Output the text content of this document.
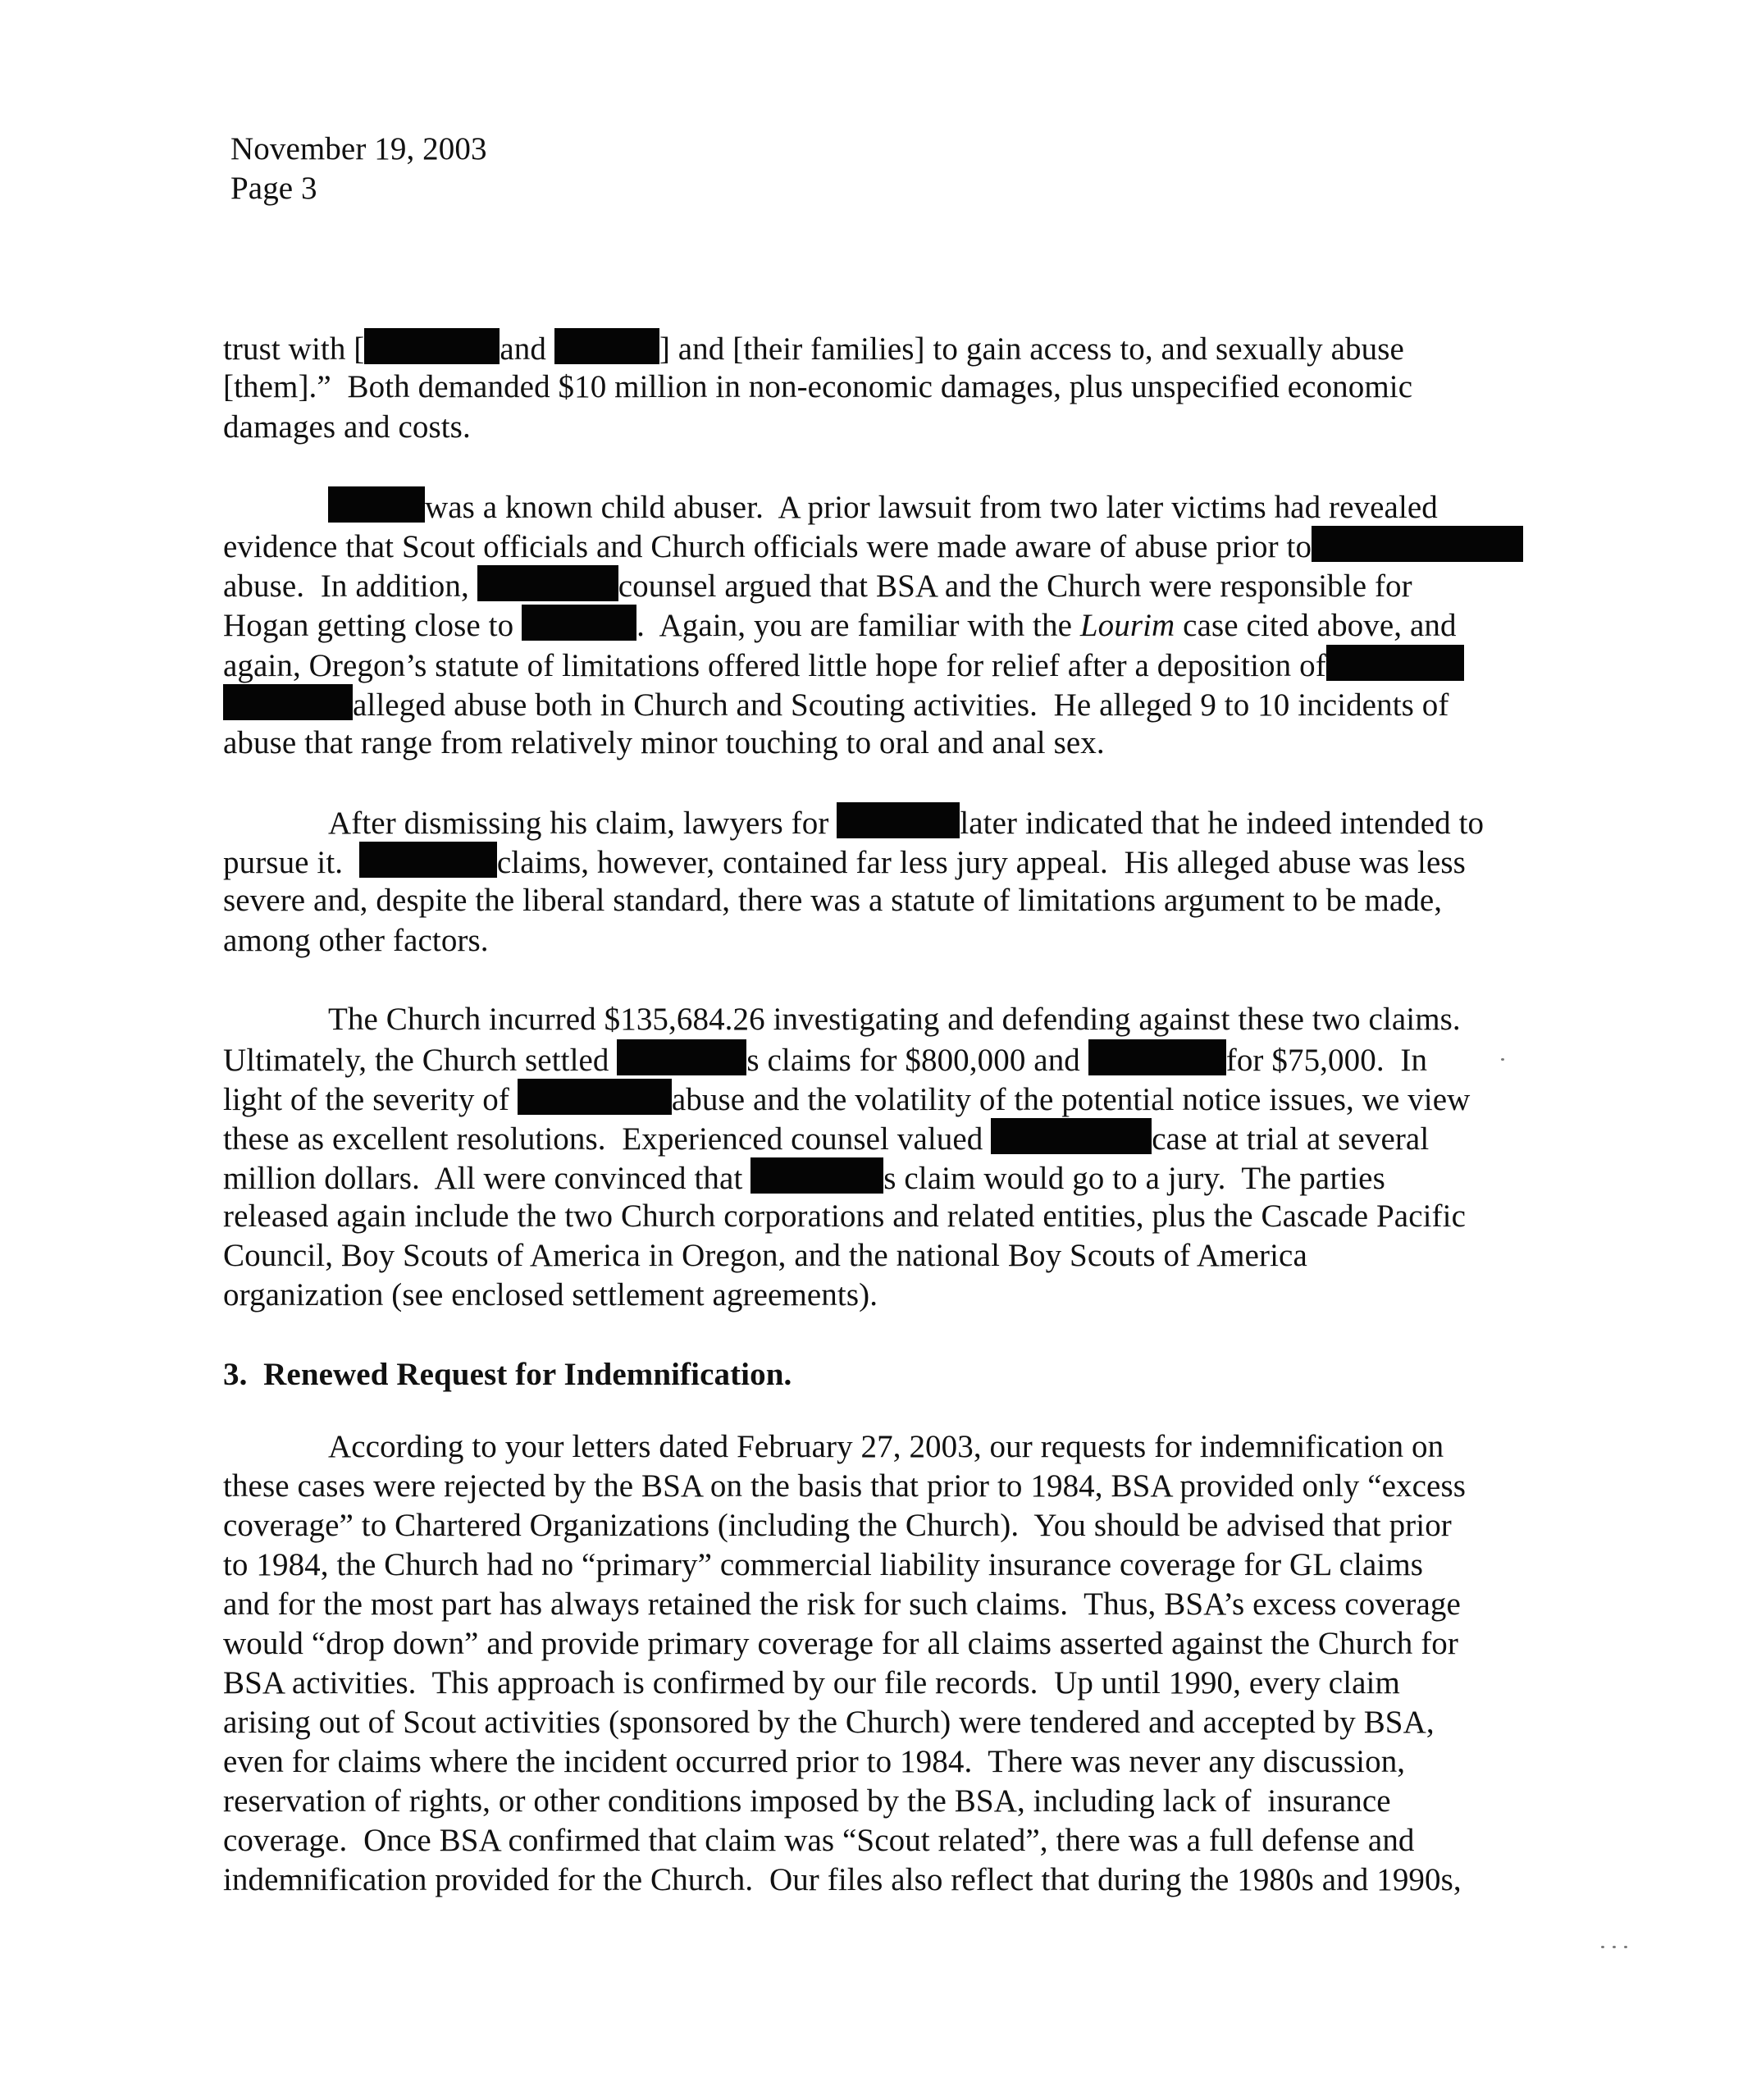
November 19, 2003
Page 3
trust with [	and	] and [their families] to gain access to, and sexually abuse
[them].”  Both demanded $10 million in non-economic damages, plus unspecified economic
damages and costs.
was a known child abuser.  A prior lawsuit from two later victims had revealed
evidence that Scout officials and Church officials were made aware of abuse prior to
abuse.  In addition,	counsel argued that BSA and the Church were responsible for
Hogan getting close to	.  Again, you are familiar with the Lourim case cited above, and
again, Oregon’s statute of limitations offered little hope for relief after a deposition of
alleged abuse both in Church and Scouting activities.  He alleged 9 to 10 incidents of
abuse that range from relatively minor touching to oral and anal sex.
After dismissing his claim, lawyers for	later indicated that he indeed intended to
pursue it.	claims, however, contained far less jury appeal.  His alleged abuse was less
severe and, despite the liberal standard, there was a statute of limitations argument to be made,
among other factors.
The Church incurred $135,684.26 investigating and defending against these two claims.
Ultimately, the Church settled	s claims for $800,000 and	for $75,000.  In
light of the severity of	abuse and the volatility of the potential notice issues, we view
these as excellent resolutions.  Experienced counsel valued	case at trial at several
million dollars.  All were convinced that	s claim would go to a jury.  The parties
released again include the two Church corporations and related entities, plus the Cascade Pacific
Council, Boy Scouts of America in Oregon, and the national Boy Scouts of America
organization (see enclosed settlement agreements).
3.  Renewed Request for Indemnification.
According to your letters dated February 27, 2003, our requests for indemnification on
these cases were rejected by the BSA on the basis that prior to 1984, BSA provided only “excess
coverage” to Chartered Organizations (including the Church).  You should be advised that prior
to 1984, the Church had no “primary” commercial liability insurance coverage for GL claims
and for the most part has always retained the risk for such claims.  Thus, BSA’s excess coverage
would “drop down” and provide primary coverage for all claims asserted against the Church for
BSA activities.  This approach is confirmed by our file records.  Up until 1990, every claim
arising out of Scout activities (sponsored by the Church) were tendered and accepted by BSA,
even for claims where the incident occurred prior to 1984.  There was never any discussion,
reservation of rights, or other conditions imposed by the BSA, including lack of  insurance
coverage.  Once BSA confirmed that claim was “Scout related”, there was a full defense and
indemnification provided for the Church.  Our files also reflect that during the 1980s and 1990s,
